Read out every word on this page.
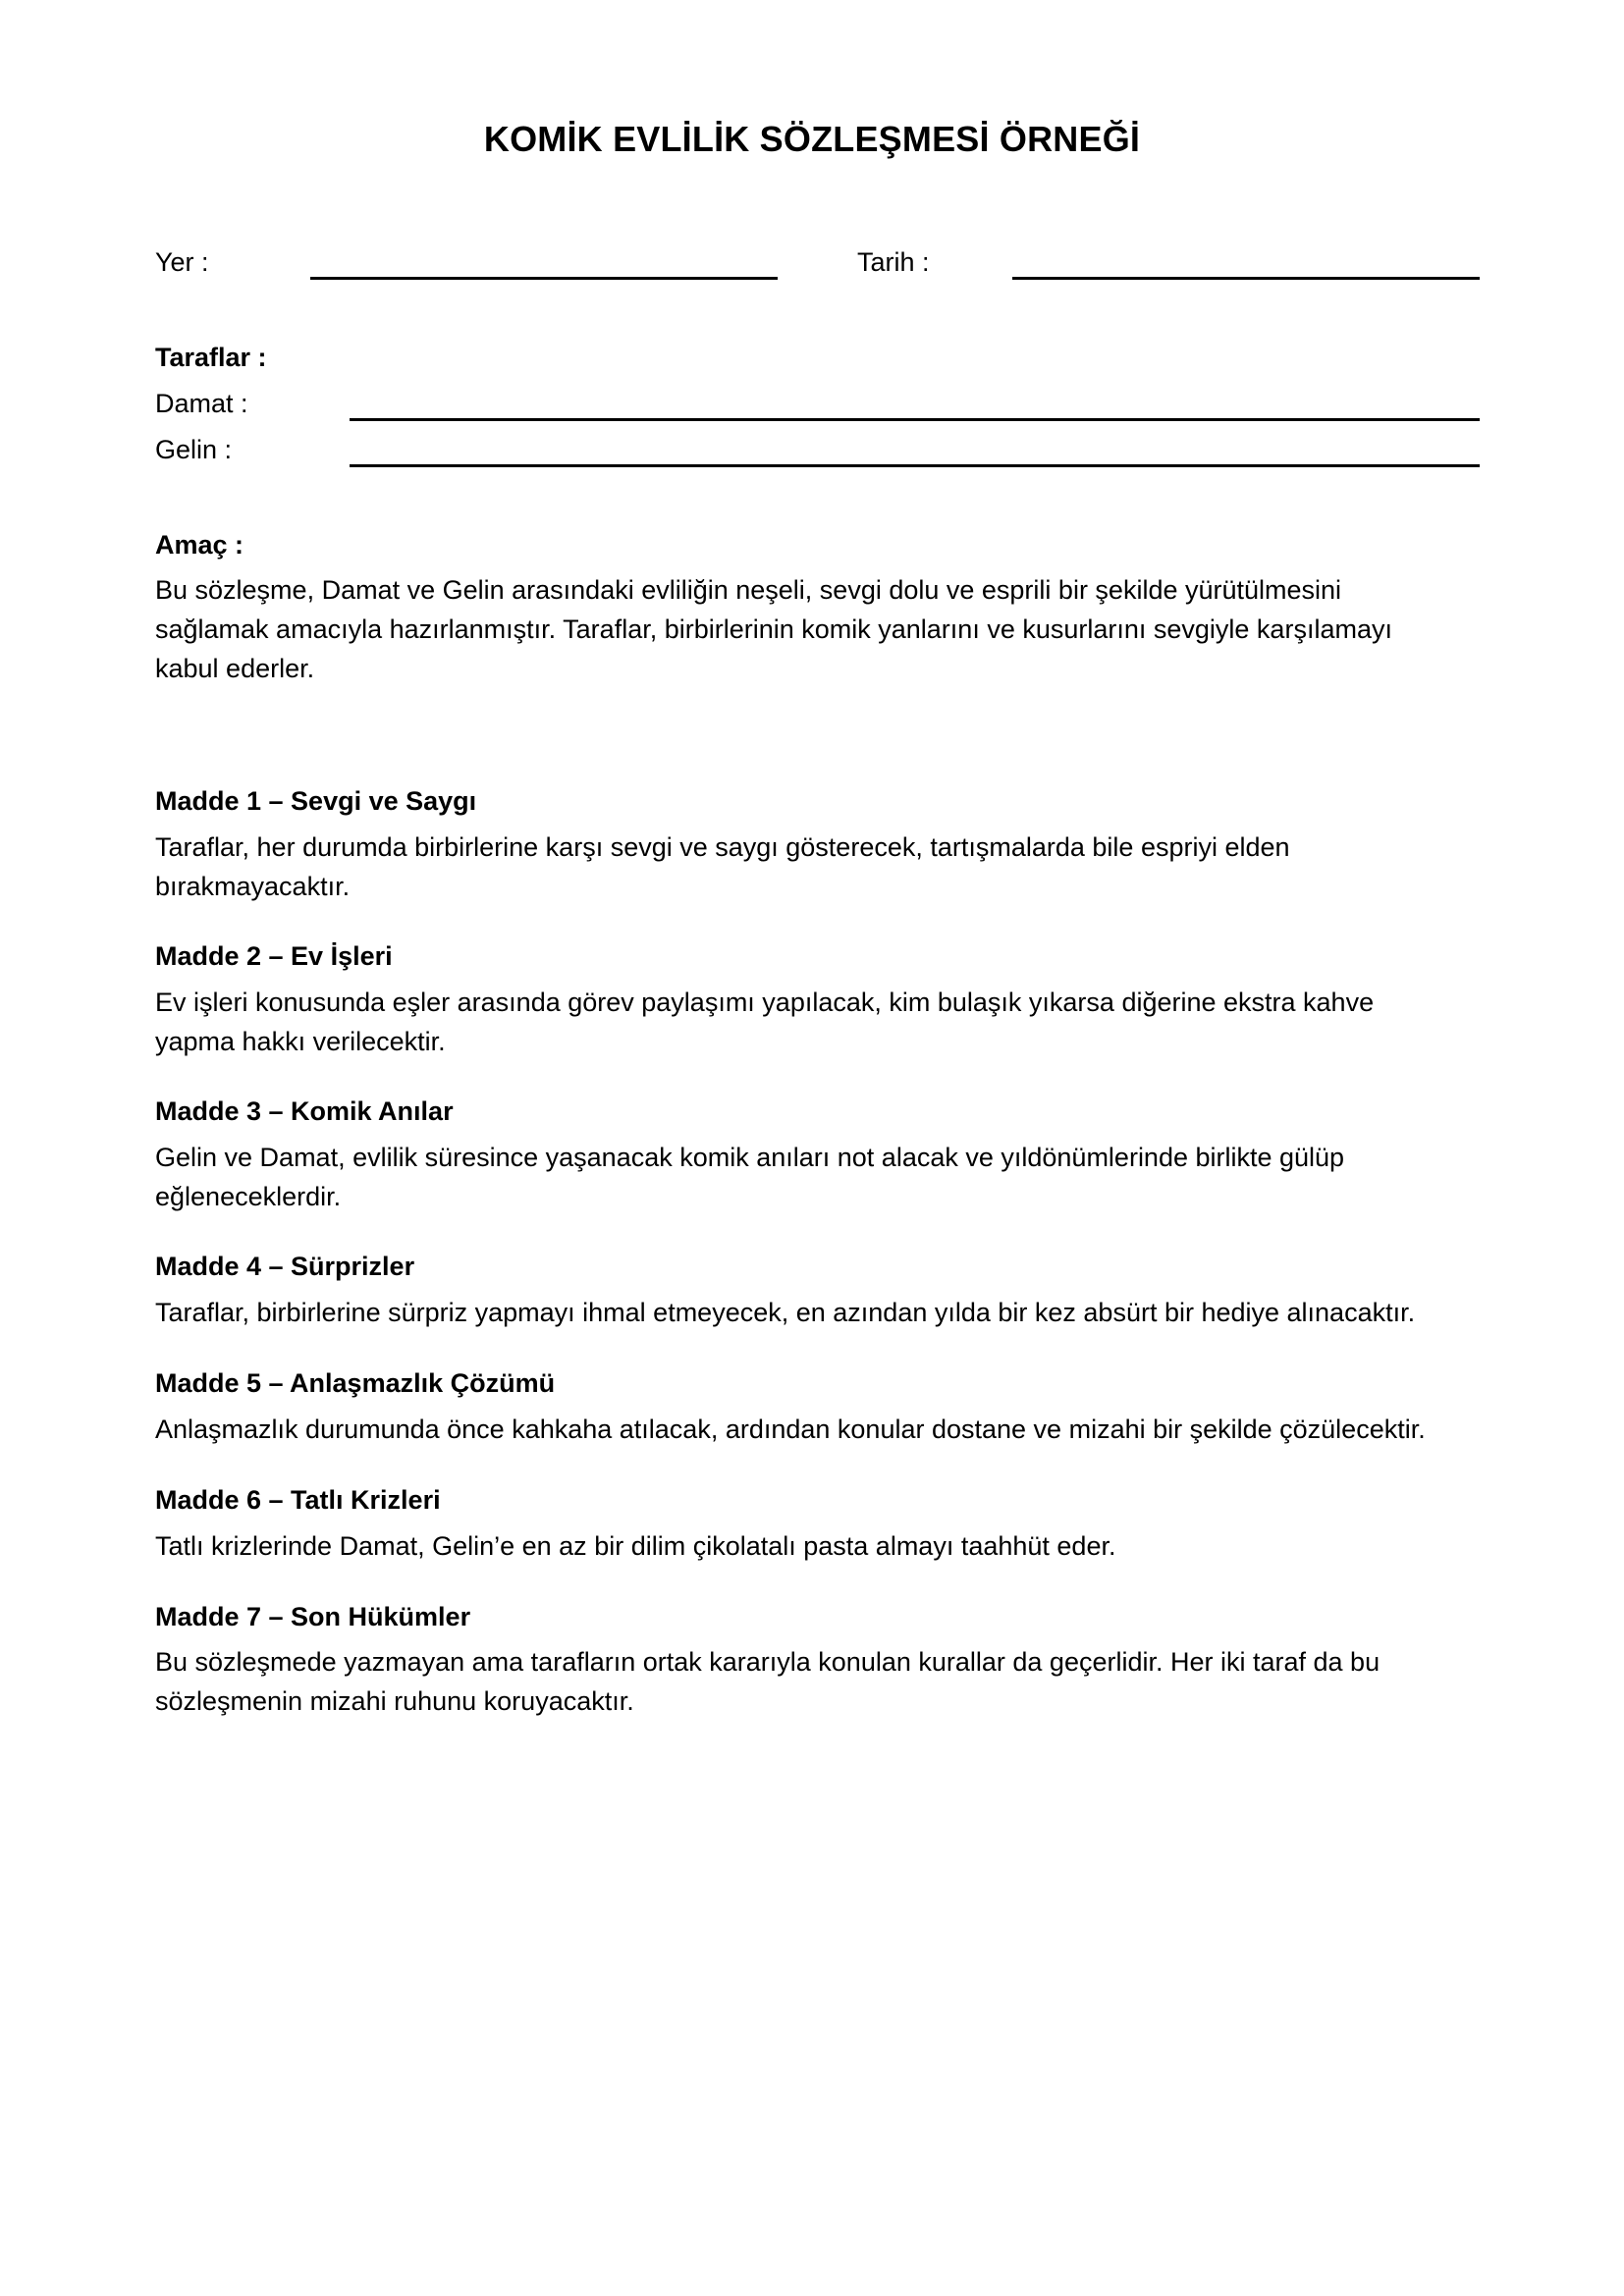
KOMİK EVLİLİK SÖZLEŞMESİ ÖRNEĞİ
Yer :	Tarih :
Taraflar :
Damat :
Gelin :
Amaç :
Bu sözleşme, Damat ve Gelin arasındaki evliliğin neşeli, sevgi dolu ve esprili bir şekilde yürütülmesini
sağlamak amacıyla hazırlanmıştır. Taraflar, birbirlerinin komik yanlarını ve kusurlarını sevgiyle karşılamayı
kabul ederler.
Madde 1 – Sevgi ve Saygı
Taraflar, her durumda birbirlerine karşı sevgi ve saygı gösterecek, tartışmalarda bile espriyi elden
bırakmayacaktır.
Madde 2 – Ev İşleri
Ev işleri konusunda eşler arasında görev paylaşımı yapılacak, kim bulaşık yıkarsa diğerine ekstra kahve
yapma hakkı verilecektir.
Madde 3 – Komik Anılar
Gelin ve Damat, evlilik süresince yaşanacak komik anıları not alacak ve yıldönümlerinde birlikte gülüp
eğleneceklerdir.
Madde 4 – Sürprizler
Taraflar, birbirlerine sürpriz yapmayı ihmal etmeyecek, en azından yılda bir kez absürt bir hediye alınacaktır.
Madde 5 – Anlaşmazlık Çözümü
Anlaşmazlık durumunda önce kahkaha atılacak, ardından konular dostane ve mizahi bir şekilde çözülecektir.
Madde 6 – Tatlı Krizleri
Tatlı krizlerinde Damat, Gelin’e en az bir dilim çikolatalı pasta almayı taahhüt eder.
Madde 7 – Son Hükümler
Bu sözleşmede yazmayan ama tarafların ortak kararıyla konulan kurallar da geçerlidir. Her iki taraf da bu
sözleşmenin mizahi ruhunu koruyacaktır.
